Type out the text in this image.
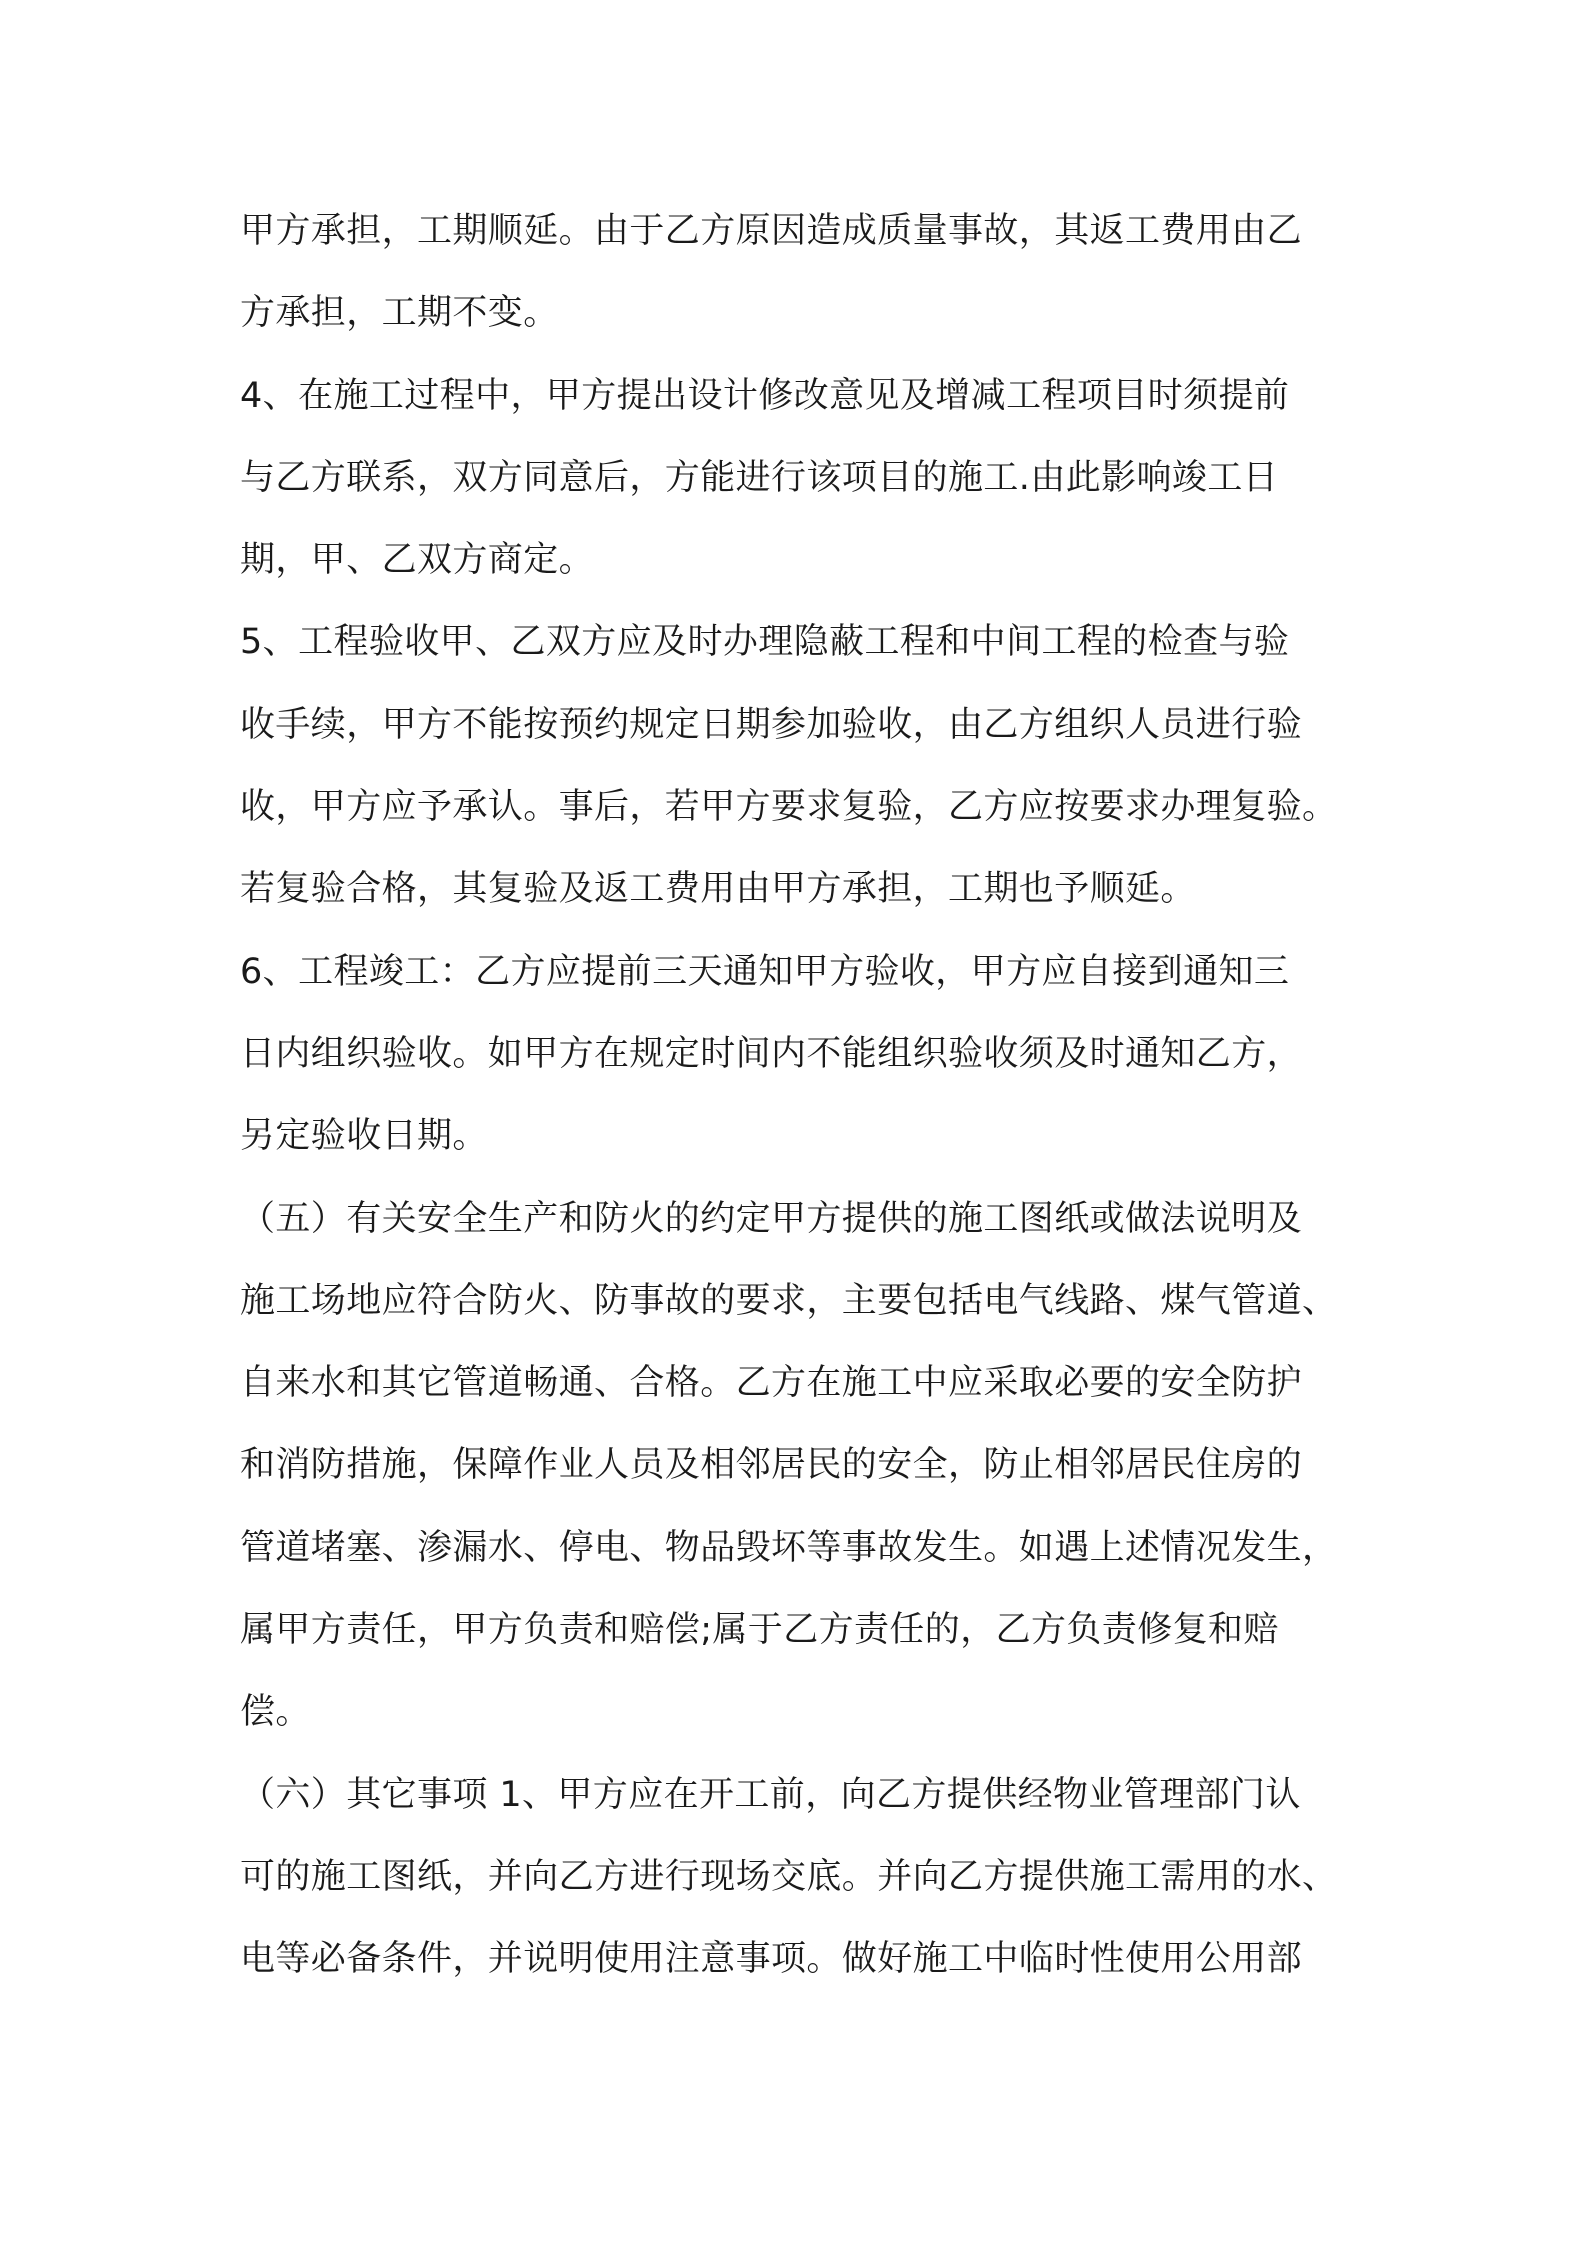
甲方承担，工期顺延。由于乙方原因造成质量事故，其返工费用由乙
方承担，工期不变。
4、在施工过程中，甲方提出设计修改意见及增减工程项目时须提前
与乙方联系，双方同意后，方能进行该项目的施工.由此影响竣工日
期，甲、乙双方商定。
5、工程验收甲、乙双方应及时办理隐蔽工程和中间工程的检查与验
收手续，甲方不能按预约规定日期参加验收，由乙方组织人员进行验
收，甲方应予承认。事后，若甲方要求复验，乙方应按要求办理复验。
若复验合格，其复验及返工费用由甲方承担，工期也予顺延。
6、工程竣工：乙方应提前三天通知甲方验收，甲方应自接到通知三
日内组织验收。如甲方在规定时间内不能组织验收须及时通知乙方，
另定验收日期。
（五）有关安全生产和防火的约定甲方提供的施工图纸或做法说明及
施工场地应符合防火、防事故的要求，主要包括电气线路、煤气管道、
自来水和其它管道畅通、合格。乙方在施工中应采取必要的安全防护
和消防措施，保障作业人员及相邻居民的安全，防止相邻居民住房的
管道堵塞、渗漏水、停电、物品毁坏等事故发生。如遇上述情况发生，
属甲方责任，甲方负责和赔偿;属于乙方责任的，乙方负责修复和赔
偿。
（六）其它事项 1、甲方应在开工前，向乙方提供经物业管理部门认
可的施工图纸，并向乙方进行现场交底。并向乙方提供施工需用的水、
电等必备条件，并说明使用注意事项。做好施工中临时性使用公用部
